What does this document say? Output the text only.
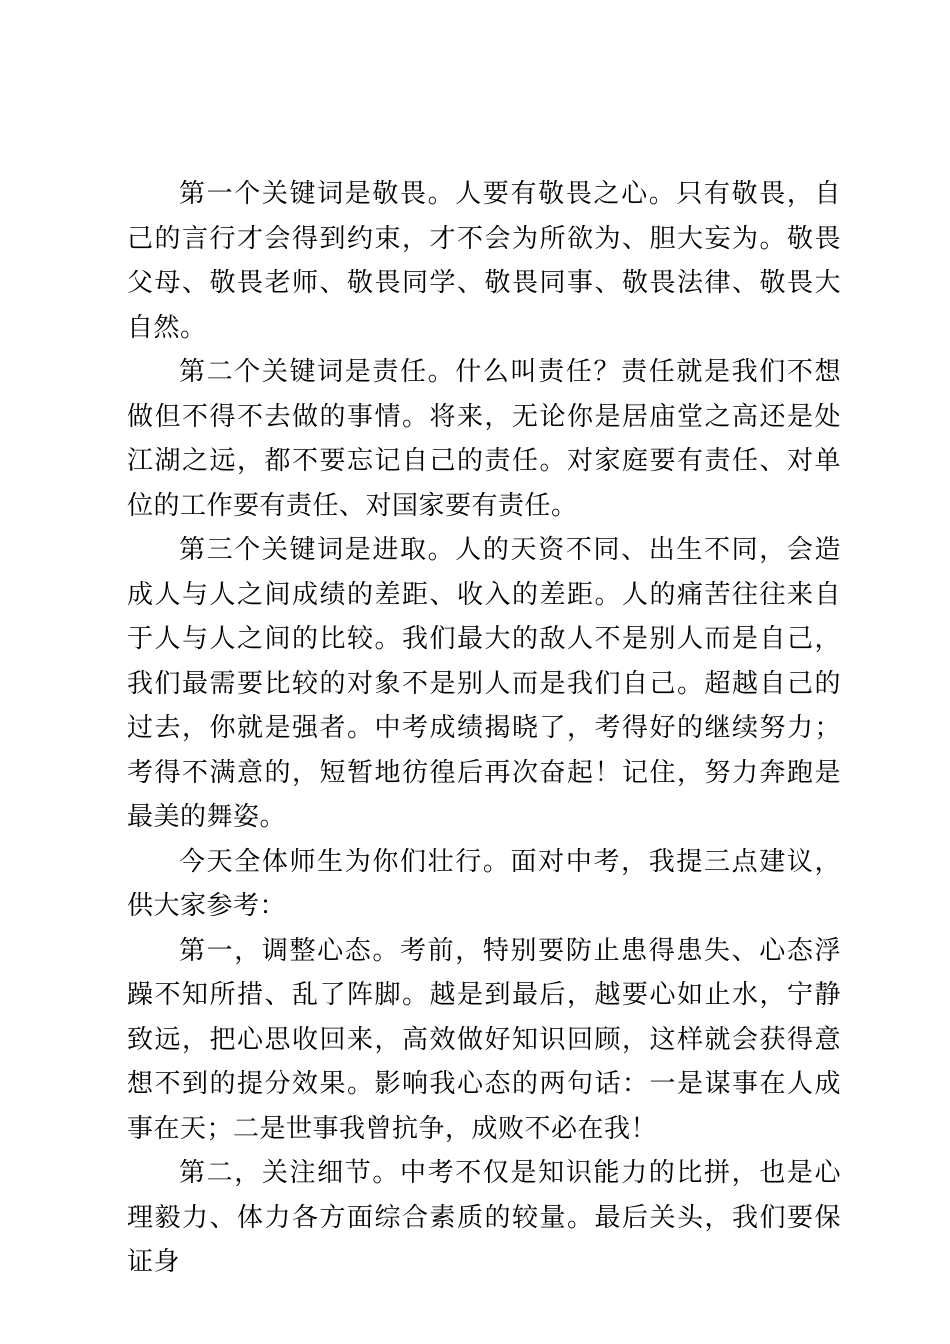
第一个关键词是敬畏。人要有敬畏之心。只有敬畏，自己的言行才会得到约束，才不会为所欲为、胆大妄为。敬畏父母、敬畏老师、敬畏同学、敬畏同事、敬畏法律、敬畏大自然。

第二个关键词是责任。什么叫责任？责任就是我们不想做但不得不去做的事情。将来，无论你是居庙堂之高还是处江湖之远，都不要忘记自己的责任。对家庭要有责任、对单位的工作要有责任、对国家要有责任。

第三个关键词是进取。人的天资不同、出生不同，会造成人与人之间成绩的差距、收入的差距。人的痛苦往往来自于人与人之间的比较。我们最大的敌人不是别人而是自己，我们最需要比较的对象不是别人而是我们自己。超越自己的过去，你就是强者。中考成绩揭晓了，考得好的继续努力；考得不满意的，短暂地彷徨后再次奋起！记住，努力奔跑是最美的舞姿。

今天全体师生为你们壮行。面对中考，我提三点建议，供大家参考：

第一，调整心态。考前，特别要防止患得患失、心态浮躁不知所措、乱了阵脚。越是到最后，越要心如止水，宁静致远，把心思收回来，高效做好知识回顾，这样就会获得意想不到的提分效果。影响我心态的两句话：一是谋事在人成事在天；二是世事我曾抗争，成败不必在我！

第二，关注细节。中考不仅是知识能力的比拼，也是心理毅力、体力各方面综合素质的较量。最后关头，我们要保证身
